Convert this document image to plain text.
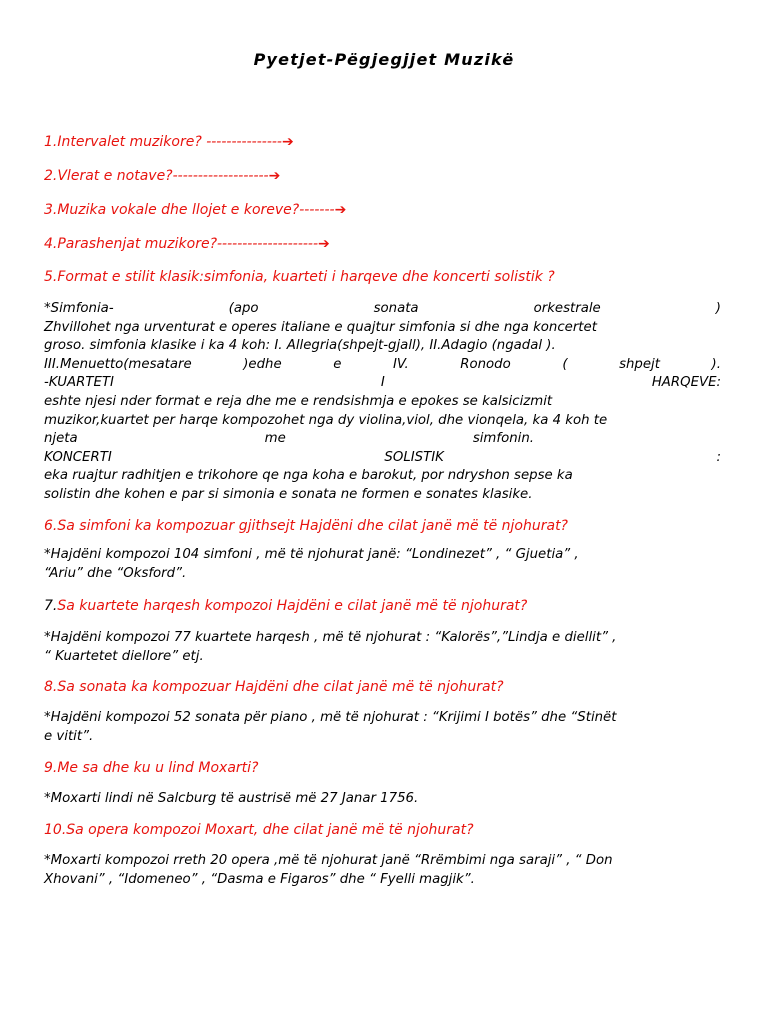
Pyetjet-Pëgjegjjet Muzikë
1.Intervalet muzikore? ---------------➔
2.Vlerat e notave?-------------------➔
3.Muzika vokale dhe llojet e koreve?-------➔
4.Parashenjat muzikore?--------------------➔
5.Format e stilit klasik:simfonia, kuarteti i harqeve dhe koncerti solistik ?
*Simfonia-	(apo	sonata	orkestrale	)
Zhvillohet nga urventurat e operes italiane e quajtur simfonia si dhe nga koncertet
groso. simfonia klasike i ka 4 koh: I. Allegria(shpejt-gjall), II.Adagio (ngadal ).
III.Menuetto(mesatare	)edhe	e	IV.	Ronodo	(	shpejt	).
-KUARTETI	I	HARQEVE:
eshte njesi nder format e reja dhe me e rendsishmja e epokes se kalsicizmit
muzikor,kuartet per harqe kompozohet nga dy violina,viol, dhe vionqela, ka 4 koh te
njeta	me	simfonin.
KONCERTI	SOLISTIK	:
eka ruajtur radhitjen e trikohore qe nga koha e barokut, por ndryshon sepse ka
solistin dhe kohen e par si simonia e sonata ne formen e sonates klasike.
6.Sa simfoni ka kompozuar gjithsejt Hajdëni dhe cilat janë më të njohurat?
*Hajdëni kompozoi 104 simfoni , më të njohurat janë: “Londinezet” , “ Gjuetia” ,
“Ariu” dhe “Oksford”.
7.Sa kuartete harqesh kompozoi Hajdëni e cilat janë më të njohurat?
*Hajdëni kompozoi 77 kuartete harqesh , më të njohurat : “Kalorës”,”Lindja e diellit” ,
“ Kuartetet diellore” etj.
8.Sa sonata ka kompozuar Hajdëni dhe cilat janë më të njohurat?
*Hajdëni kompozoi 52 sonata për piano , më të njohurat : “Krijimi I botës” dhe “Stinët
e vitit”.
9.Me sa dhe ku u lind Moxarti?
*Moxarti lindi në Salcburg të austrisë më 27 Janar 1756.
10.Sa opera kompozoi Moxart, dhe cilat janë më të njohurat?
*Moxarti kompozoi rreth 20 opera ,më të njohurat janë “Rrëmbimi nga saraji” , “ Don
Xhovani” , “Idomeneo” , “Dasma e Figaros” dhe “ Fyelli magjik”.
